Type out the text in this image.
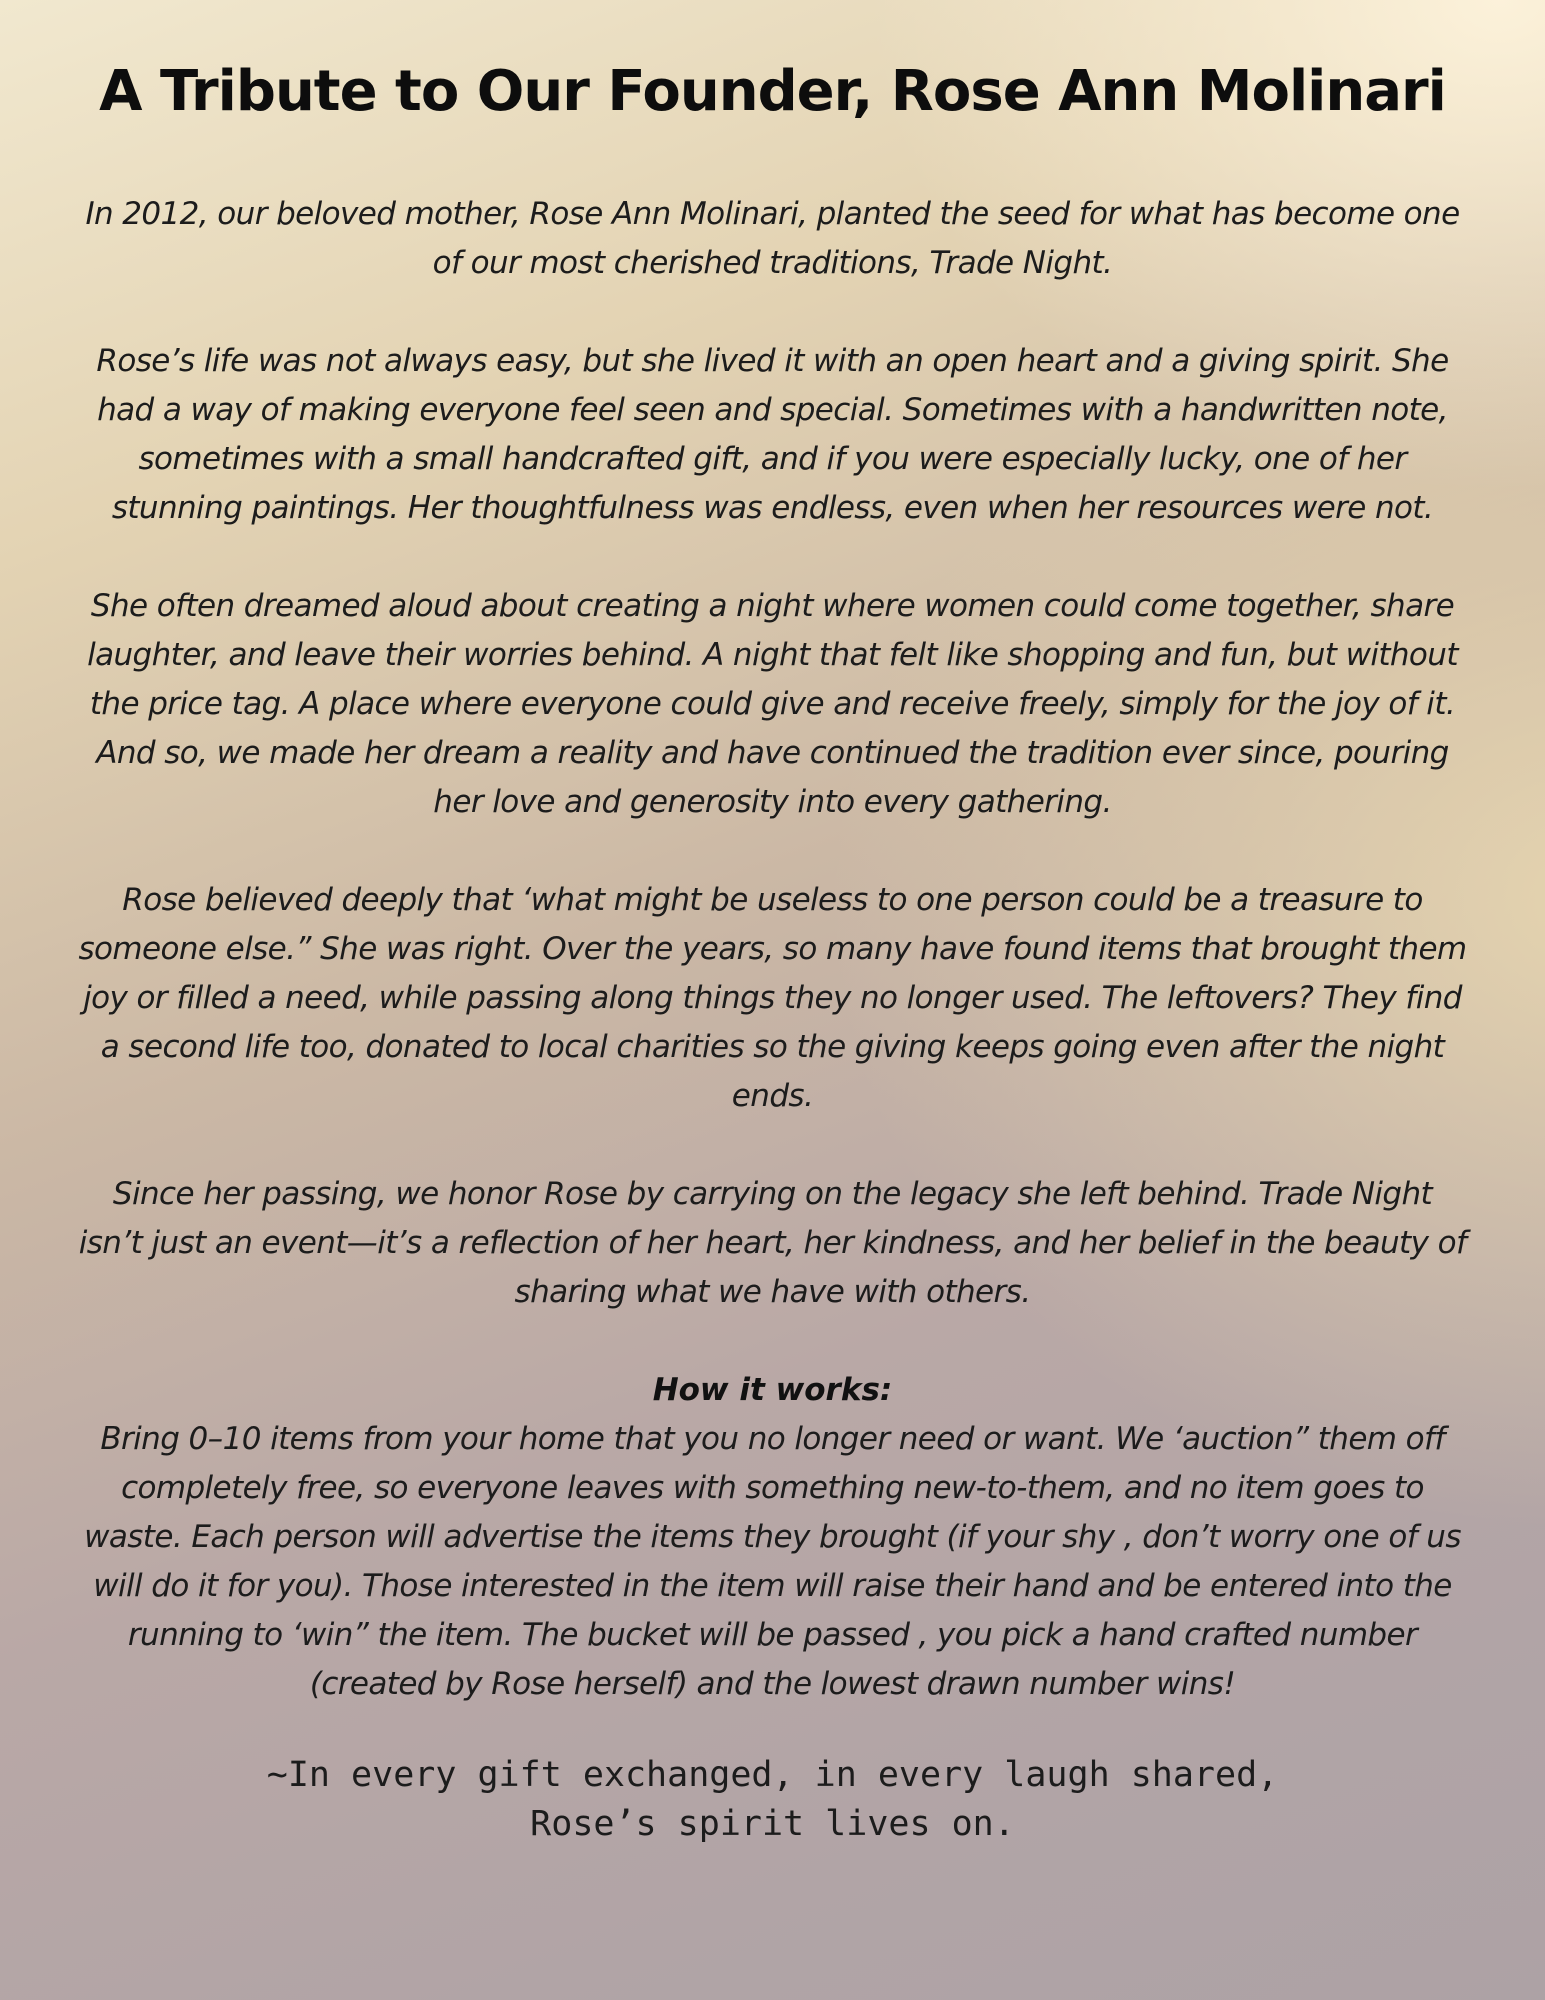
A Tribute to Our Founder, Rose Ann Molinari

In 2012, our beloved mother, Rose Ann Molinari, planted the seed for what has become one of our most cherished traditions, Trade Night.

Rose’s life was not always easy, but she lived it with an open heart and a giving spirit. She had a way of making everyone feel seen and special. Sometimes with a handwritten note, sometimes with a small handcrafted gift, and if you were especially lucky, one of her stunning paintings. Her thoughtfulness was endless, even when her resources were not.

She often dreamed aloud about creating a night where women could come together, share laughter, and leave their worries behind. A night that felt like shopping and fun, but without the price tag. A place where everyone could give and receive freely, simply for the joy of it. And so, we made her dream a reality and have continued the tradition ever since, pouring her love and generosity into every gathering.

Rose believed deeply that ‘what might be useless to one person could be a treasure to someone else.” She was right. Over the years, so many have found items that brought them joy or filled a need, while passing along things they no longer used. The leftovers? They find a second life too, donated to local charities so the giving keeps going even after the night ends.

Since her passing, we honor Rose by carrying on the legacy she left behind. Trade Night isn’t just an event—it’s a reflection of her heart, her kindness, and her belief in the beauty of sharing what we have with others.

How it works:

Bring 0–10 items from your home that you no longer need or want. We ‘auction” them off completely free, so everyone leaves with something new-to-them, and no item goes to waste. Each person will advertise the items they brought (if your shy , don’t worry one of us will do it for you). Those interested in the item will raise their hand and be entered into the running to ‘win” the item. The bucket will be passed , you pick a hand crafted number (created by Rose herself) and the lowest drawn number wins!

~In every gift exchanged, in every laugh shared,
Rose’s spirit lives on.
